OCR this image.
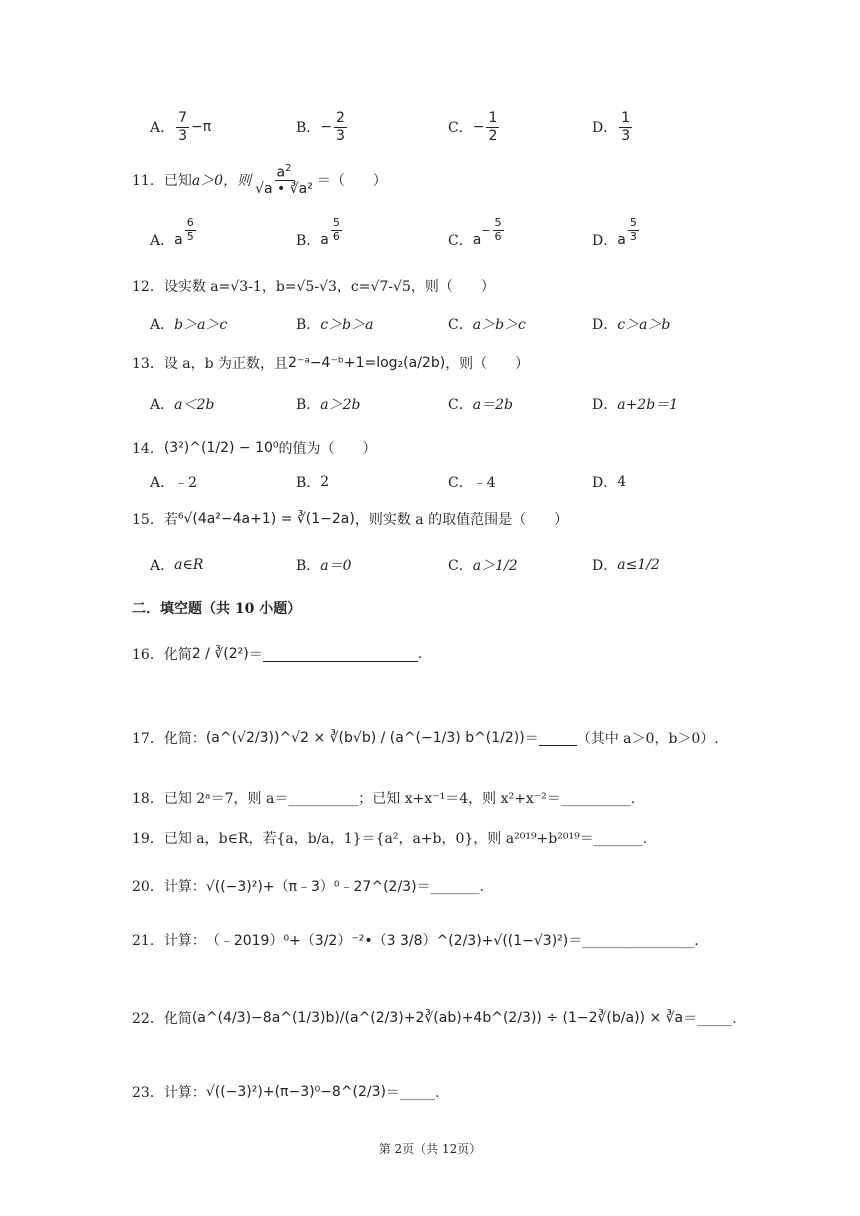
A． $\frac{7}{3} -\pi$	B． − $\frac{2}{3}$	C． − $\frac{1}{2}$	D． $\frac{1}{3}$
11． 已知 a＞0，则 $\frac{a^2}{\text{√a • ∛a²}}$ ＝（　　）
A． a $\frac{6}{5}$	B． a $\frac{5}{6}$	C． a
− $\frac{5}{6}$	D． a $\frac{5}{3}$
12． 设实数 a=√3-1，b=√5-√3，c=√7-√5，则（　　）
A． b＞a＞c	B． c＞b＞a	C． a＞b＞c	D． c＞a＞b
13． 设 a，b 为正数，且 2⁻ᵃ−4⁻ᵇ+1=log₂(a/2b) ，则（　　）
A． a＜2b	B． a＞2b	C． a＝2b	D． a+2b＝1
14． (3²)^(1/2) − 10⁰ 的值为（　　）
A． ﹣2	B． 2	C． ﹣4	D． 4
15． 若 ⁶√(4a²−4a+1) = ∛(1−2a) ，则实数 a 的取值范围是（　　）
A． a∈R	B． a＝0	C． a＞1/2	D． a≤1/2
二．填空题（共 10 小题）
16． 化简 2 / ∛(2²) ＝	.
17． 化简： (a^(√2/3))^√2 × ∛(b√b) / (a^(−1/3) b^(1/2)) ＝	（其中 a＞0，b＞0）.
18． 已知 2ᵃ＝7，则 a＝__________；已知 x+x⁻¹＝4，则 x²+x⁻²＝__________.
19． 已知 a，b∈R，若{a，b/a，1}＝{a²，a+b，0}，则 a²⁰¹⁹+b²⁰¹⁹＝_______.
20． 计算： √((−3)²)+（π﹣3）⁰﹣27^(2/3) ＝_______.
21． 计算： （﹣2019）⁰+（3/2）⁻²•（3 3/8）^(2/3)+√((1−√3)²) ＝________________.
22． 化简 (a^(4/3)−8a^(1/3)b)/(a^(2/3)+2∛(ab)+4b^(2/3)) ÷ (1−2∛(b/a)) × ∛a ＝_____.
23． 计算： √((−3)²)+(π−3)⁰−8^(2/3) ＝_____.
第 2页（共 12页）
